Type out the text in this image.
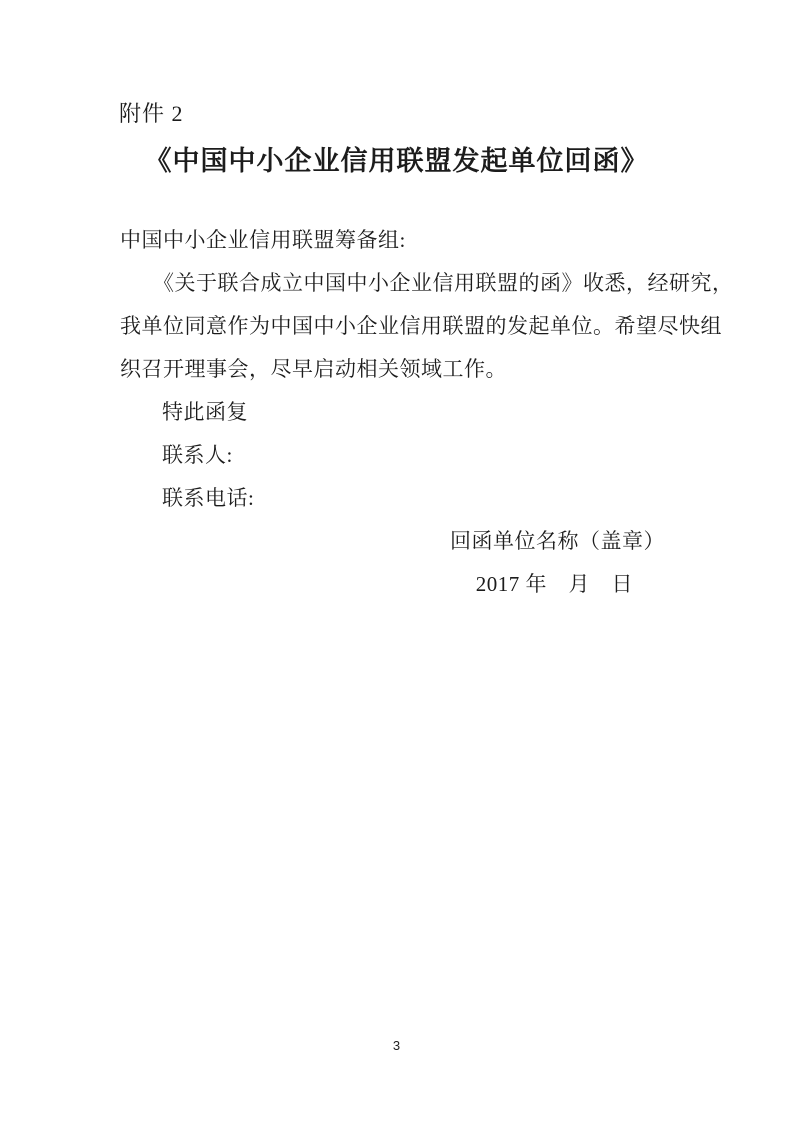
附件 2
《中国中小企业信用联盟发起单位回函》
中国中小企业信用联盟筹备组:
《关于联合成立中国中小企业信用联盟的函》收悉，经研究，
我单位同意作为中国中小企业信用联盟的发起单位。希望尽快组
织召开理事会，尽早启动相关领域工作。
特此函复
联系人:
联系电话:
回函单位名称（盖章）
2017 年　月　日
3
